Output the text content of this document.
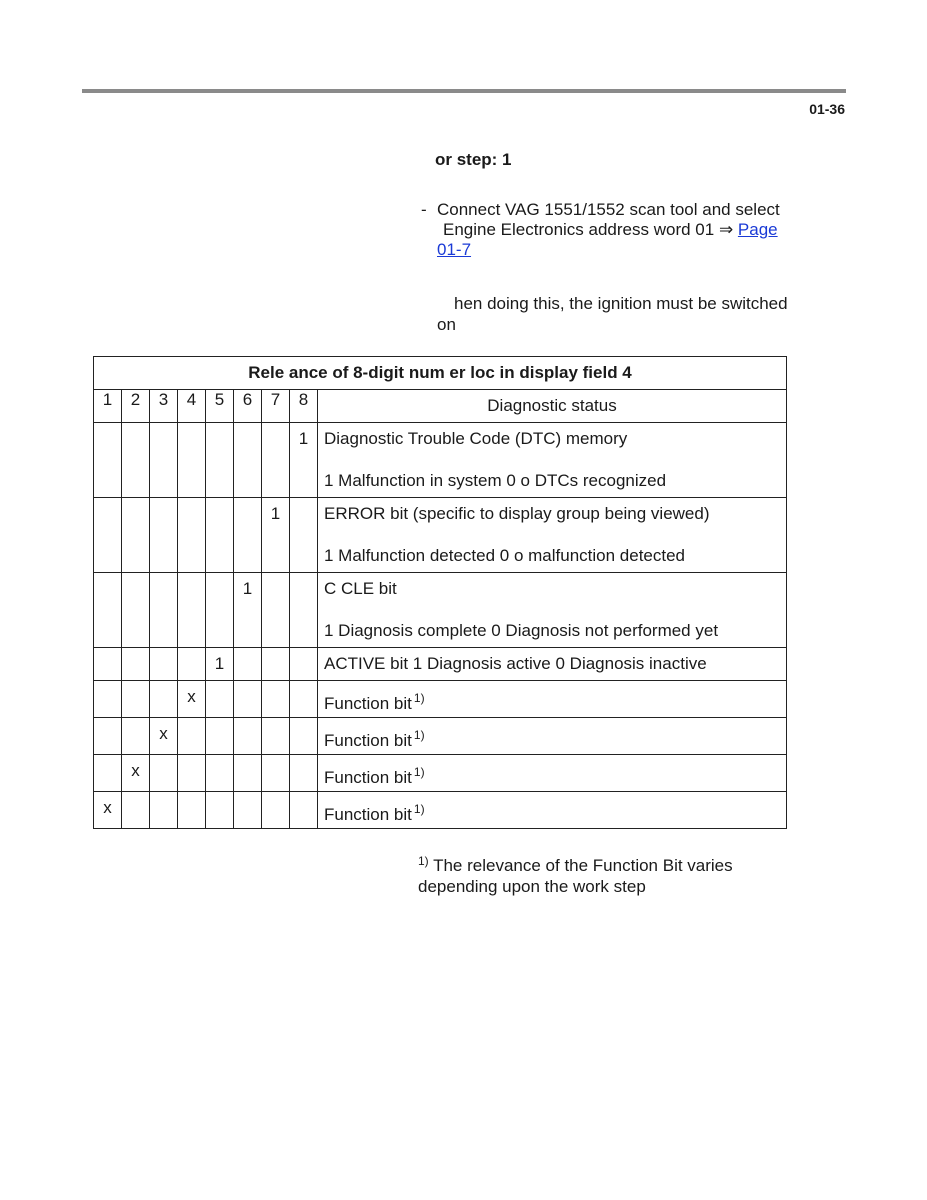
01-36
or step: 1
- Connect VAG 1551/1552 scan tool and select
Engine Electronics address word 01 ⇒ Page
01-7
hen doing this, the ignition must be switched
on
Rele ance of 8-digit num er loc in display field 4								
1	2	3	4	5	6	7	8	Diagnostic status

							1	Diagnostic Trouble Code (DTC) memory
1 Malfunction in system 0 o DTCs recognized

						1		ERROR bit (specific to display group being viewed)
1 Malfunction detected 0 o malfunction detected

					1			C CLE bit
1 Diagnosis complete 0 Diagnosis not performed yet

				1				ACTIVE bit 1 Diagnosis active 0 Diagnosis inactive

			x					Function bit $^{1)}$

		x						Function bit $^{1)}$

	x							Function bit $^{1)}$

x								Function bit $^{1)}$
$^{1)}$ The relevance of the Function Bit varies
depending upon the work step
